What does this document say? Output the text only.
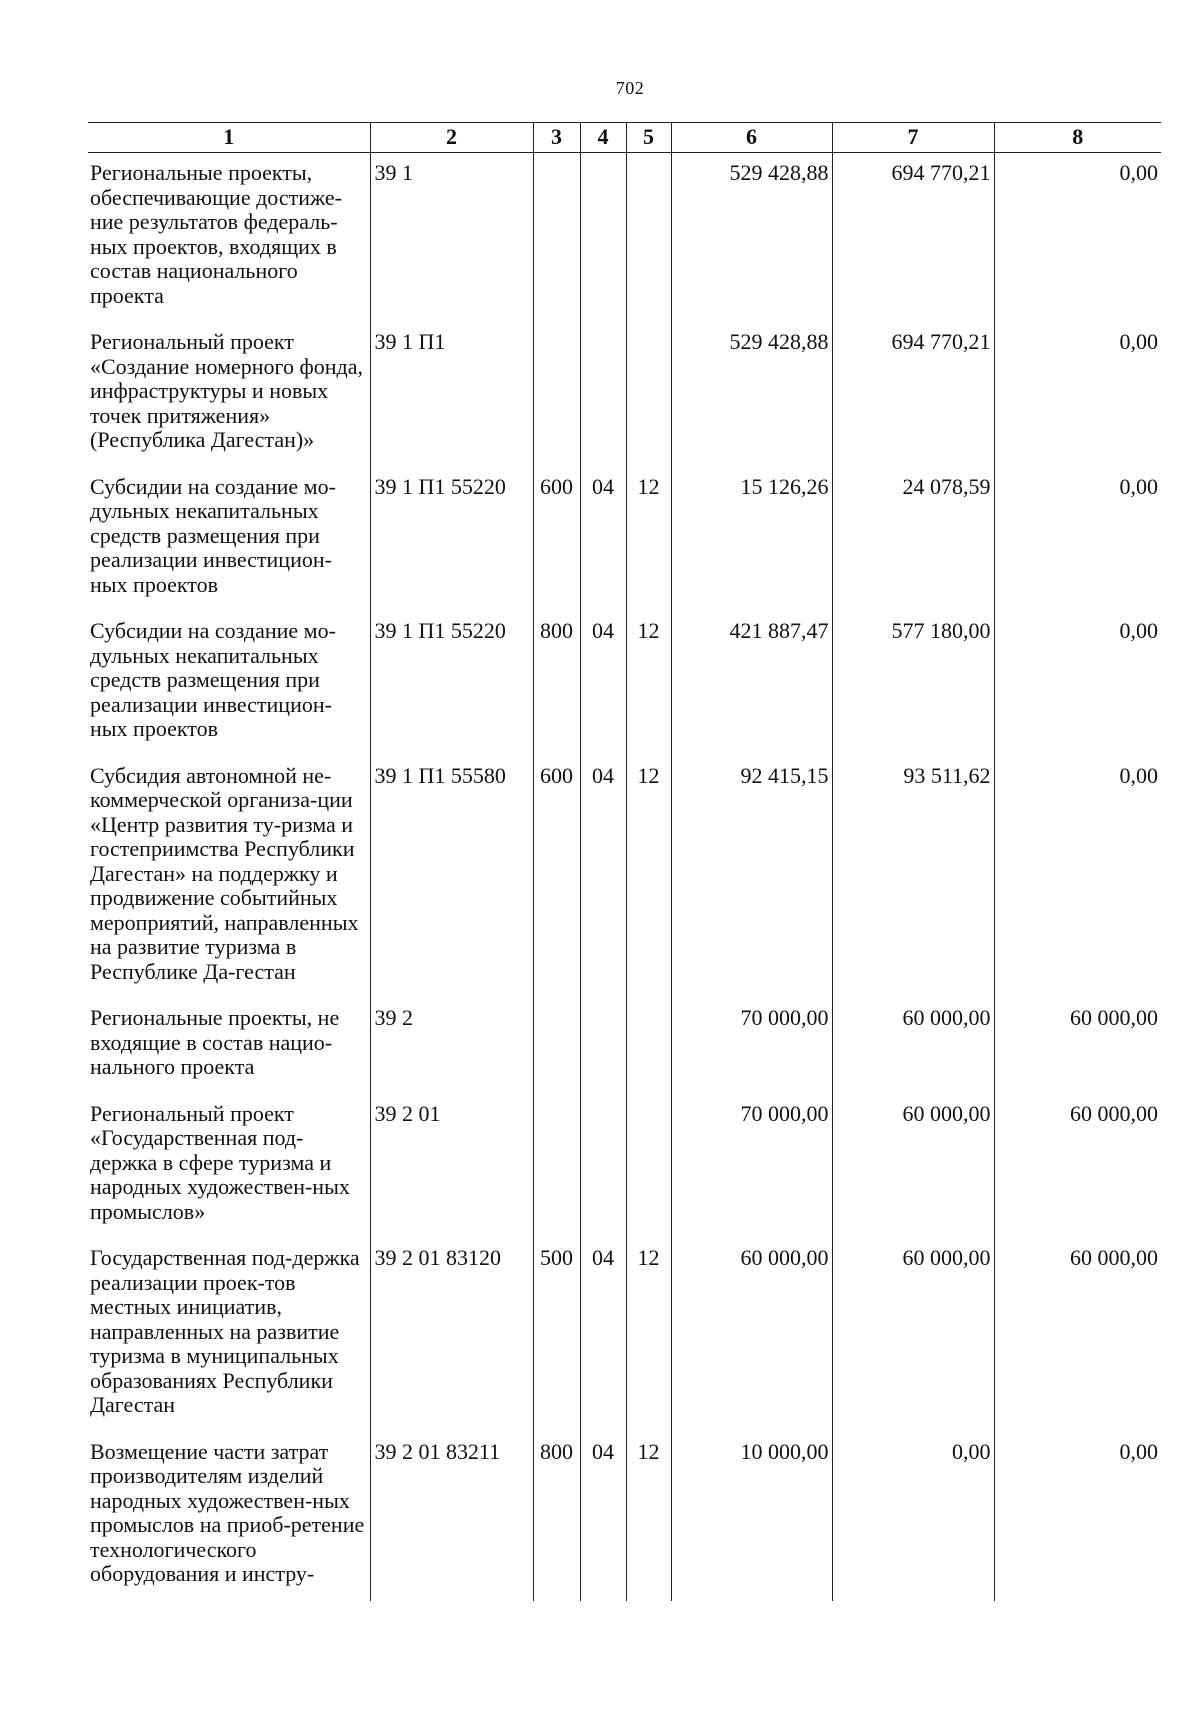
702
1	2	3	4	5	6	7	8
Региональные проекты, обеспечивающие достиже-ние результатов федераль-ных проектов, входящих в состав национального проекта	39 1				529 428,88	694 770,21	0,00
Региональный проект «Создание номерного фонда, инфраструктуры и новых точек притяжения» (Республика Дагестан)»	39 1 П1				529 428,88	694 770,21	0,00
Субсидии на создание мо-дульных некапитальных средств размещения при реализации инвестицион-ных проектов	39 1 П1 55220	600	04	12	15 126,26	24 078,59	0,00
Субсидии на создание мо-дульных некапитальных средств размещения при реализации инвестицион-ных проектов	39 1 П1 55220	800	04	12	421 887,47	577 180,00	0,00
Субсидия автономной не-коммерческой организа-ции «Центр развития ту-ризма и гостеприимства Республики Дагестан» на поддержку и продвижение событийных мероприятий, направленных на развитие туризма в Республике Да-гестан	39 1 П1 55580	600	04	12	92 415,15	93 511,62	0,00
Региональные проекты, не входящие в состав нацио-нального проекта	39 2				70 000,00	60 000,00	60 000,00
Региональный проект «Государственная под-держка в сфере туризма и народных художествен-ных промыслов»	39 2 01				70 000,00	60 000,00	60 000,00
Государственная под-держка реализации проек-тов местных инициатив, направленных на развитие туризма в муниципальных образованиях Республики Дагестан	39 2 01 83120	500	04	12	60 000,00	60 000,00	60 000,00
Возмещение части затрат производителям изделий народных художествен-ных промыслов на приоб-ретение технологического оборудования и инстру-	39 2 01 83211	800	04	12	10 000,00	0,00	0,00
